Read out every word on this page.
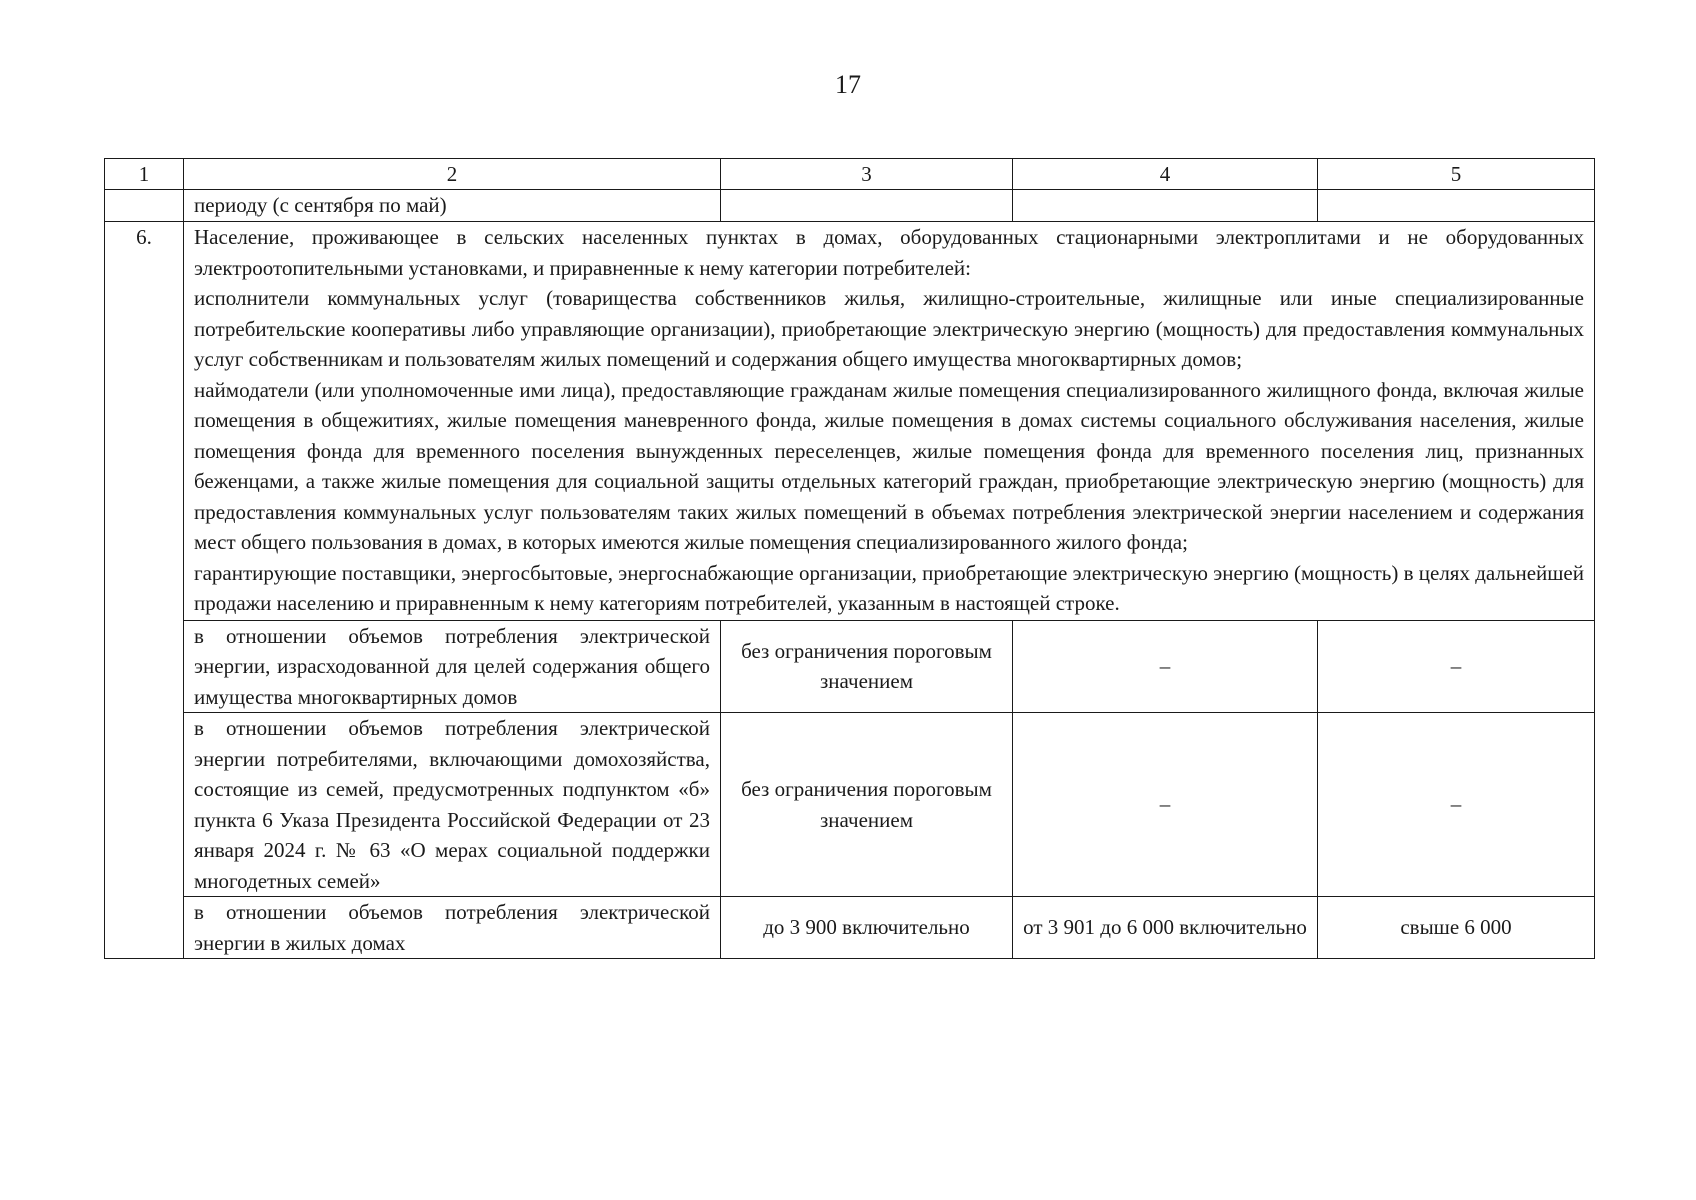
17
1	2	3	4	5
	периоду (с сентября по май)			
6.	Население, проживающее в сельских населенных пунктах в домах, оборудованных стационарными электроплитами и не оборудованных электроотопительными установками, и приравненные к нему категории потребителей:

исполнители коммунальных услуг (товарищества собственников жилья, жилищно-строительные, жилищные или иные специализированные потребительские кооперативы либо управляющие организации), приобретающие электрическую энергию (мощность) для предоставления коммунальных услуг собственникам и пользователям жилых помещений и содержания общего имущества многоквартирных домов;

наймодатели (или уполномоченные ими лица), предоставляющие гражданам жилые помещения специализированного жилищного фонда, включая жилые помещения в общежитиях, жилые помещения маневренного фонда, жилые помещения в домах системы социального обслуживания населения, жилые помещения фонда для временного поселения вынужденных переселенцев, жилые помещения фонда для временного поселения лиц, признанных беженцами, а также жилые помещения для социальной защиты отдельных категорий граждан, приобретающие электрическую энергию (мощность) для предоставления коммунальных услуг пользователям таких жилых помещений в объемах потребления электрической энергии населением и содержания мест общего пользования в домах, в которых имеются жилые помещения специализированного жилого фонда;

гарантирующие поставщики, энергосбытовые, энергоснабжающие организации, приобретающие электрическую энергию (мощность) в целях дальнейшей продажи населению и приравненным к нему категориям потребителей, указанным в настоящей строке.			

	в отношении объемов потребления электрической энергии, израсходованной для целей содержания общего имущества многоквартирных домов	без ограничения пороговым значением	–	–
	в отношении объемов потребления электрической энергии потребителями, включающими домохозяйства, состоящие из семей, предусмотренных подпунктом «б» пункта 6 Указа Президента Российской Федерации от 23 января 2024 г. № 63 «О мерах социальной поддержки многодетных семей»	без ограничения пороговым значением	–	–
	в отношении объемов потребления электрической энергии в жилых домах	до 3 900 включительно	от 3 901 до 6 000 включительно	свыше 6 000
